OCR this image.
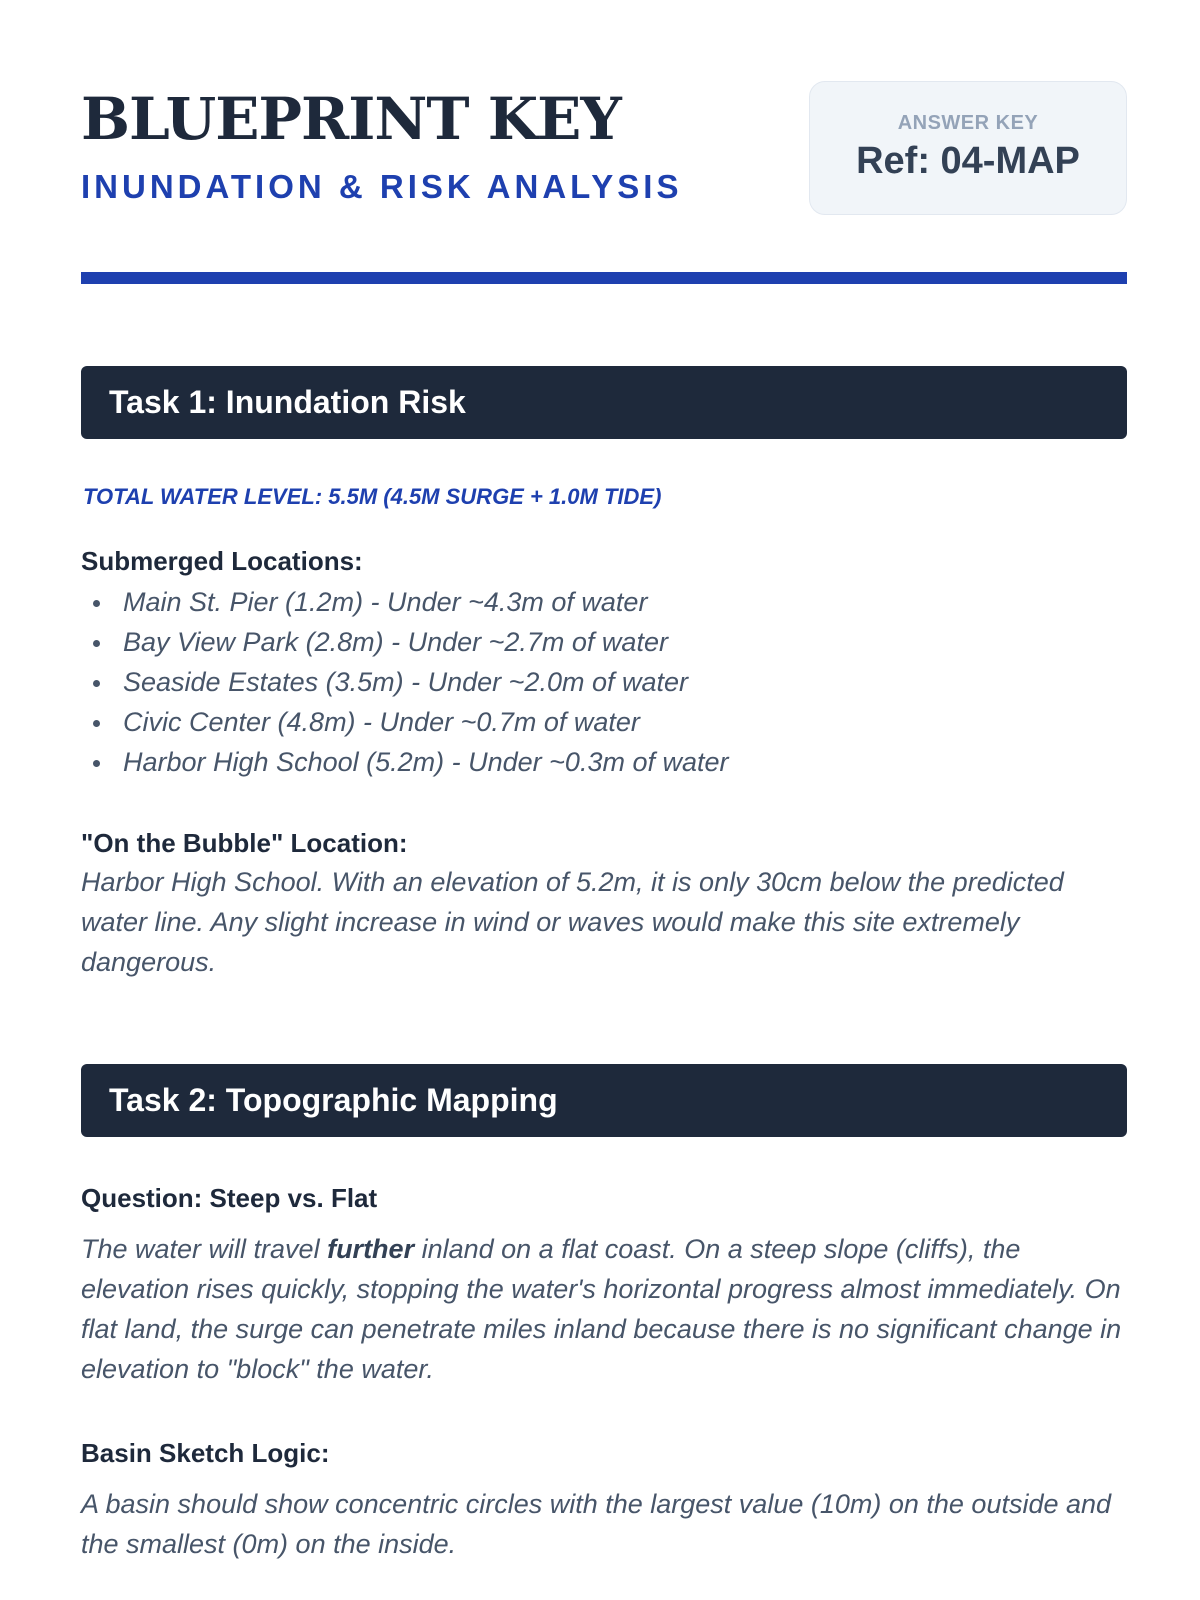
BLUEPRINT KEY
INUNDATION & RISK ANALYSIS
ANSWER KEY
Ref: 04-MAP
Task 1: Inundation Risk
TOTAL WATER LEVEL: 5.5M (4.5M SURGE + 1.0M TIDE)
Submerged Locations:
Main St. Pier (1.2m) - Under ~4.3m of water
Bay View Park (2.8m) - Under ~2.7m of water
Seaside Estates (3.5m) - Under ~2.0m of water
Civic Center (4.8m) - Under ~0.7m of water
Harbor High School (5.2m) - Under ~0.3m of water
"On the Bubble" Location:

Harbor High School. With an elevation of 5.2m, it is only 30cm below the predicted water line. Any slight increase in wind or waves would make this site extremely dangerous.

Task 2: Topographic Mapping
Question: Steep vs. Flat

The water will travel further inland on a flat coast. On a steep slope (cliffs), the elevation rises quickly, stopping the water's horizontal progress almost immediately. On flat land, the surge can penetrate miles inland because there is no significant change in elevation to "block" the water.

Basin Sketch Logic:

A basin should show concentric circles with the largest value (10m) on the outside and the smallest (0m) on the inside.
